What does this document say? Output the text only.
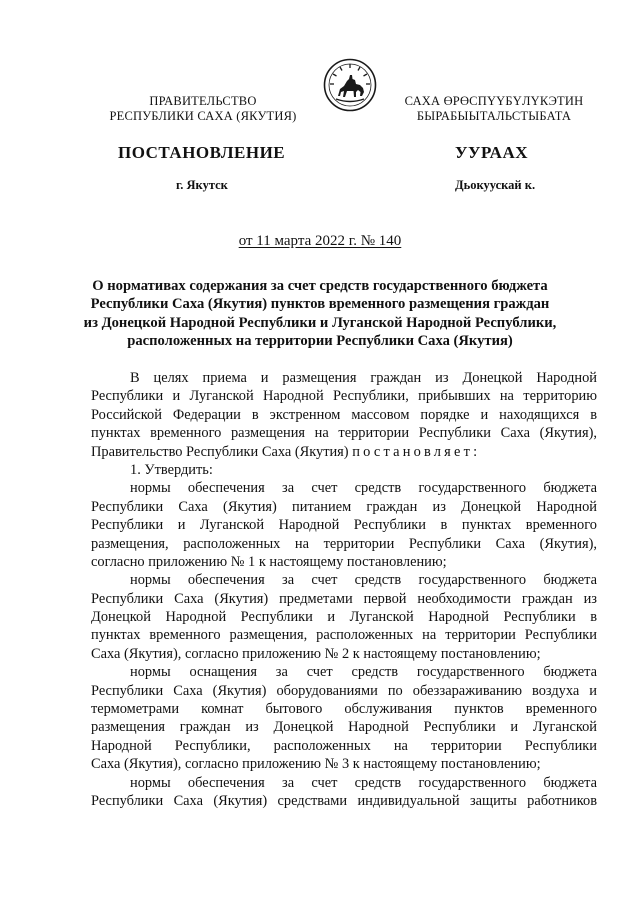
ПРАВИТЕЛЬСТВО
РЕСПУБЛИКИ САХА (ЯКУТИЯ)
САХА ӨРӨСПҮҮБҮЛҮКЭТИН
БЫРАБЫЫТАЛЬСТЫБАТА
ПОСТАНОВЛЕНИЕ	УУРААХ
г. Якутск	Дьокуускай к.
от 11 марта 2022 г. № 140
О нормативах содержания за счет средств государственного бюджета
Республики Саха (Якутия) пунктов временного размещения граждан
из Донецкой Народной Республики и Луганской Народной Республики,
расположенных на территории Республики Саха (Якутия)
В целях приема и размещения граждан из Донецкой Народной
Республики и Луганской Народной Республики, прибывших на территорию
Российской Федерации в экстренном массовом порядке и находящихся в
пунктах временного размещения на территории Республики Саха (Якутия),
Правительство Республики Саха (Якутия) постановляет:
1. Утвердить:
нормы обеспечения за счет средств государственного бюджета
Республики Саха (Якутия) питанием граждан из Донецкой Народной
Республики и Луганской Народной Республики в пунктах временного
размещения, расположенных на территории Республики Саха (Якутия),
согласно приложению № 1 к настоящему постановлению;
нормы обеспечения за счет средств государственного бюджета
Республики Саха (Якутия) предметами первой необходимости граждан из
Донецкой Народной Республики и Луганской Народной Республики в
пунктах временного размещения, расположенных на территории Республики
Саха (Якутия), согласно приложению № 2 к настоящему постановлению;
нормы оснащения за счет средств государственного бюджета
Республики Саха (Якутия) оборудованиями по обеззараживанию воздуха и
термометрами комнат бытового обслуживания пунктов временного
размещения граждан из Донецкой Народной Республики и Луганской
Народной Республики, расположенных на территории Республики
Саха (Якутия), согласно приложению № 3 к настоящему постановлению;
нормы обеспечения за счет средств государственного бюджета
Республики Саха (Якутия) средствами индивидуальной защиты работников
